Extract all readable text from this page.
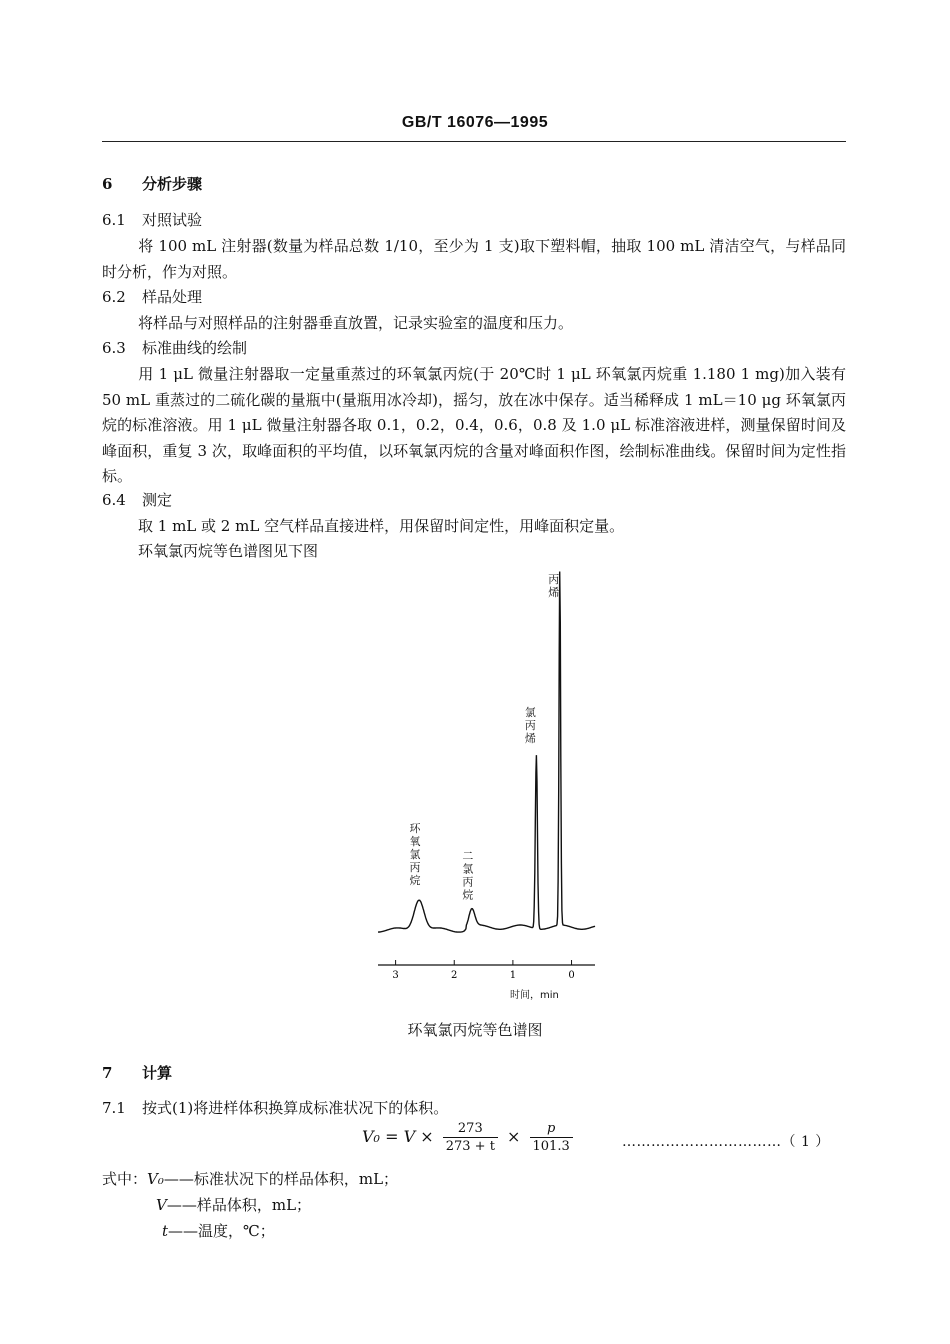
GB/T 16076—1995
6 分析步骤
6.1 对照试验
将 100 mL 注射器(数量为样品总数 1/10，至少为 1 支)取下塑料帽，抽取 100 mL 清洁空气，与样品同时分析，作为对照。
6.2 样品处理
将样品与对照样品的注射器垂直放置，记录实验室的温度和压力。
6.3 标准曲线的绘制
用 1 μL 微量注射器取一定量重蒸过的环氧氯丙烷(于 20℃时 1 μL 环氧氯丙烷重 1.180 1 mg)加入装有 50 mL 重蒸过的二硫化碳的量瓶中(量瓶用冰冷却)，摇匀，放在冰中保存。适当稀释成 1 mL＝10 μg 环氧氯丙烷的标准溶液。用 1 μL 微量注射器各取 0.1，0.2，0.4，0.6，0.8 及 1.0 μL 标准溶液进样，测量保留时间及峰面积，重复 3 次，取峰面积的平均值，以环氧氯丙烷的含量对峰面积作图，绘制标准曲线。保留时间为定性指标。
6.4 测定
取 1 mL 或 2 mL 空气样品直接进样，用保留时间定性，用峰面积定量。
环氧氯丙烷等色谱图见下图
3	2	1	0
环氧氯丙烷
二氯丙烷
氯丙烯
丙烯
时间，min
环氧氯丙烷等色谱图
7 计算
7.1 按式(1)将进样体积换算成标准状况下的体积。
$V_0 = V \times \frac{273}{273 + t} \times \frac{p}{101.3}$	……………………………（ 1 ）
式中：V₀——标准状况下的样品体积，mL；
V——样品体积，mL；
t——温度，℃；
